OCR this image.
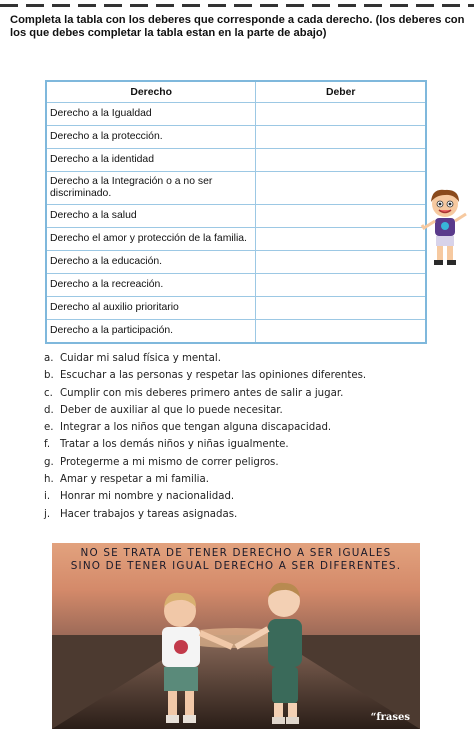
Completa la tabla con los deberes que corresponde a cada derecho. (los deberes con los que debes completar la tabla estan en la parte de abajo)
Derecho	Deber
Derecho a la Igualdad	
Derecho a la protección.	
Derecho a la identidad	
Derecho a la Integración o a no ser discriminado.	
Derecho a la salud	
Derecho el amor y protección de la familia.	
Derecho a la educación.	
Derecho a la recreación.	
Derecho al auxilio prioritario	
Derecho a la participación.	
a. Cuidar mi salud física y mental.
b. Escuchar a las personas y respetar las opiniones diferentes.
c. Cumplir con mis deberes primero antes de salir a jugar.
d. Deber de auxiliar al que lo puede necesitar.
e. Integrar a los niños que tengan alguna discapacidad.
f. Tratar a los demás niños y niñas igualmente.
g. Protegerme a mi mismo de correr peligros.
h. Amar y respetar a mi familia.
i. Honrar mi nombre y nacionalidad.
j. Hacer trabajos y tareas asignadas.
NO SE TRATA DE TENER DERECHO A SER IGUALES
SINO DE TENER IGUAL DERECHO A SER DIFERENTES.
“frases
